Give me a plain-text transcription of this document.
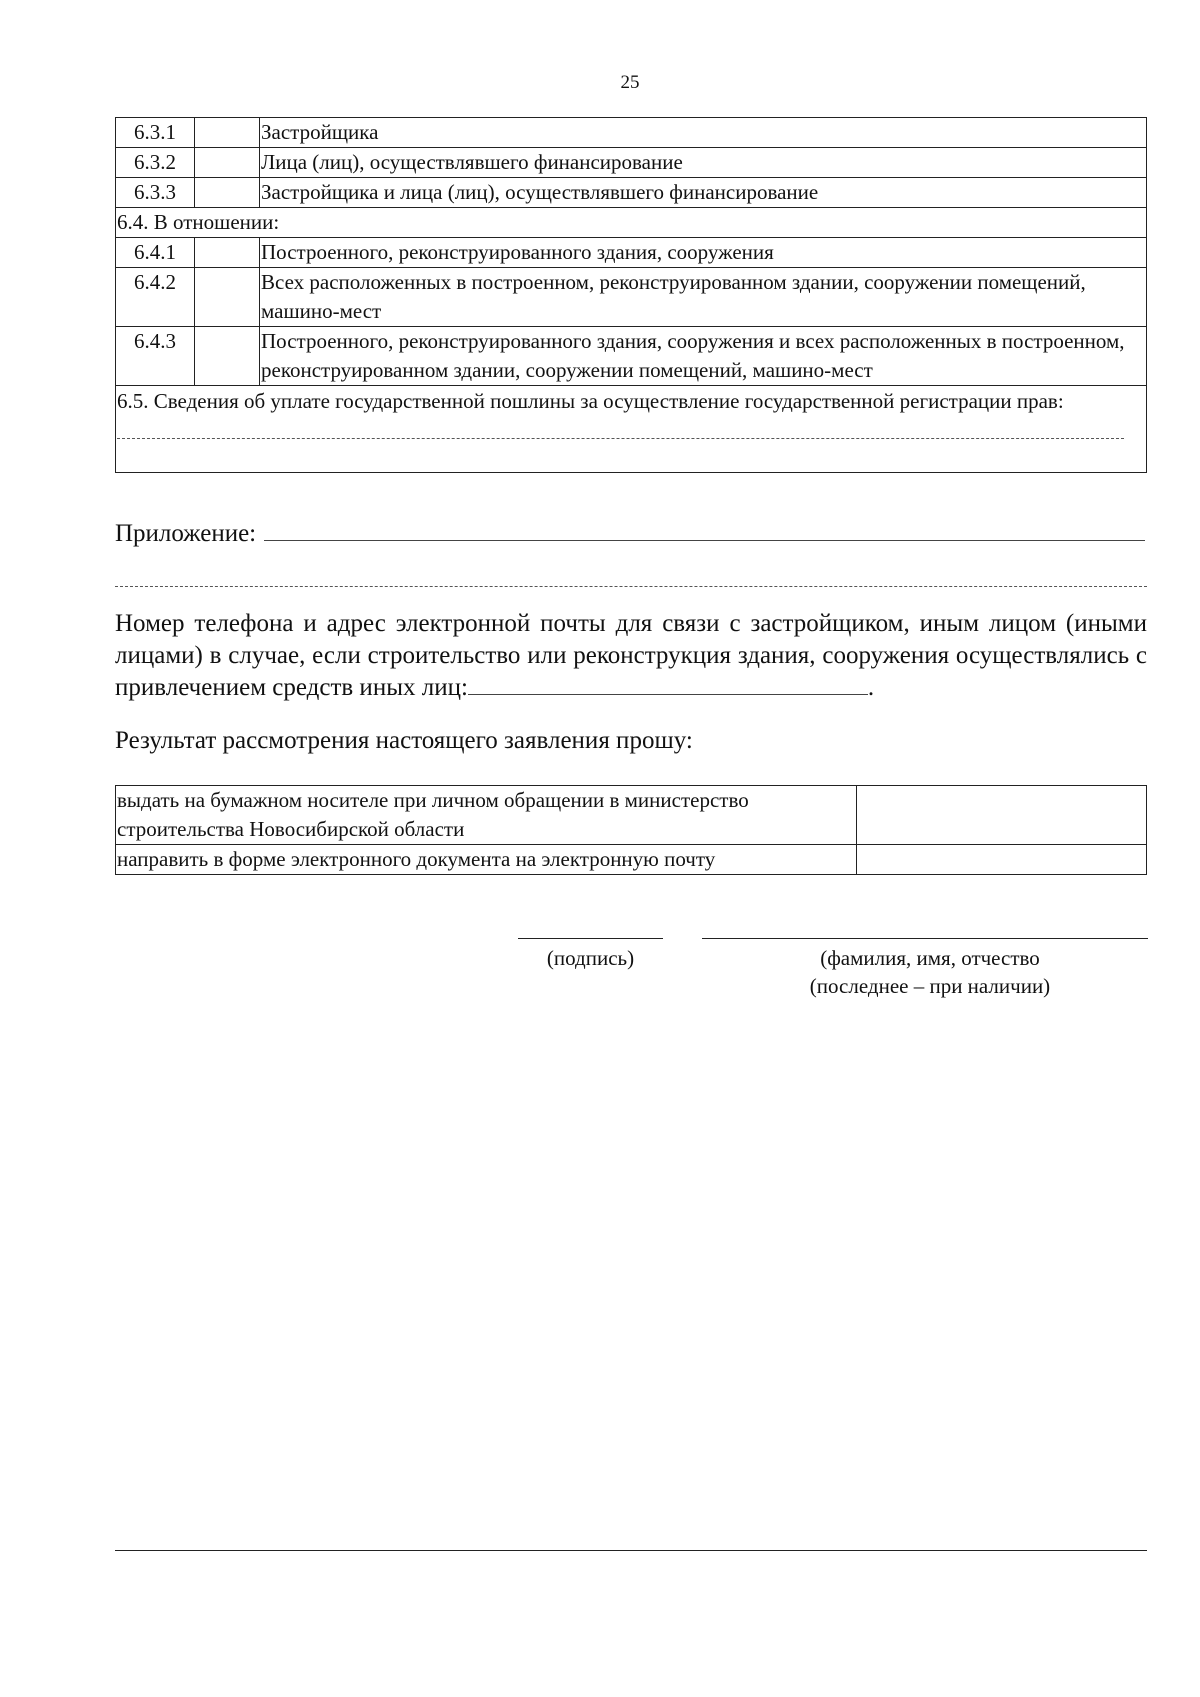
25
6.3.1		Застройщика
6.3.2		Лица (лиц), осуществлявшего финансирование
6.3.3		Застройщика и лица (лиц), осуществлявшего финансирование
6.4. В отношении:		
6.4.1		Построенного, реконструированного здания, сооружения
6.4.2		Всех расположенных в построенном, реконструированном здании, сооружении помещений, машино-мест
6.4.3		Построенного, реконструированного здания, сооружения и всех расположенных в построенном, реконструированном здании, сооружении помещений, машино-мест
6.5. Сведения об уплате государственной пошлины за осуществление государственной регистрации прав:		
Приложение:
Номер телефона и адрес электронной почты для связи с застройщиком, иным лицом (иными лицами) в случае, если строительство или реконструкция здания, сооружения осуществлялись с привлечением средств иных лиц:	.
Результат рассмотрения настоящего заявления прошу:
выдать на бумажном носителе при личном обращении в министерство строительства Новосибирской области	
направить в форме электронного документа на электронную почту	
(подпись)	(фамилия, имя, отчество
(последнее – при наличии)
